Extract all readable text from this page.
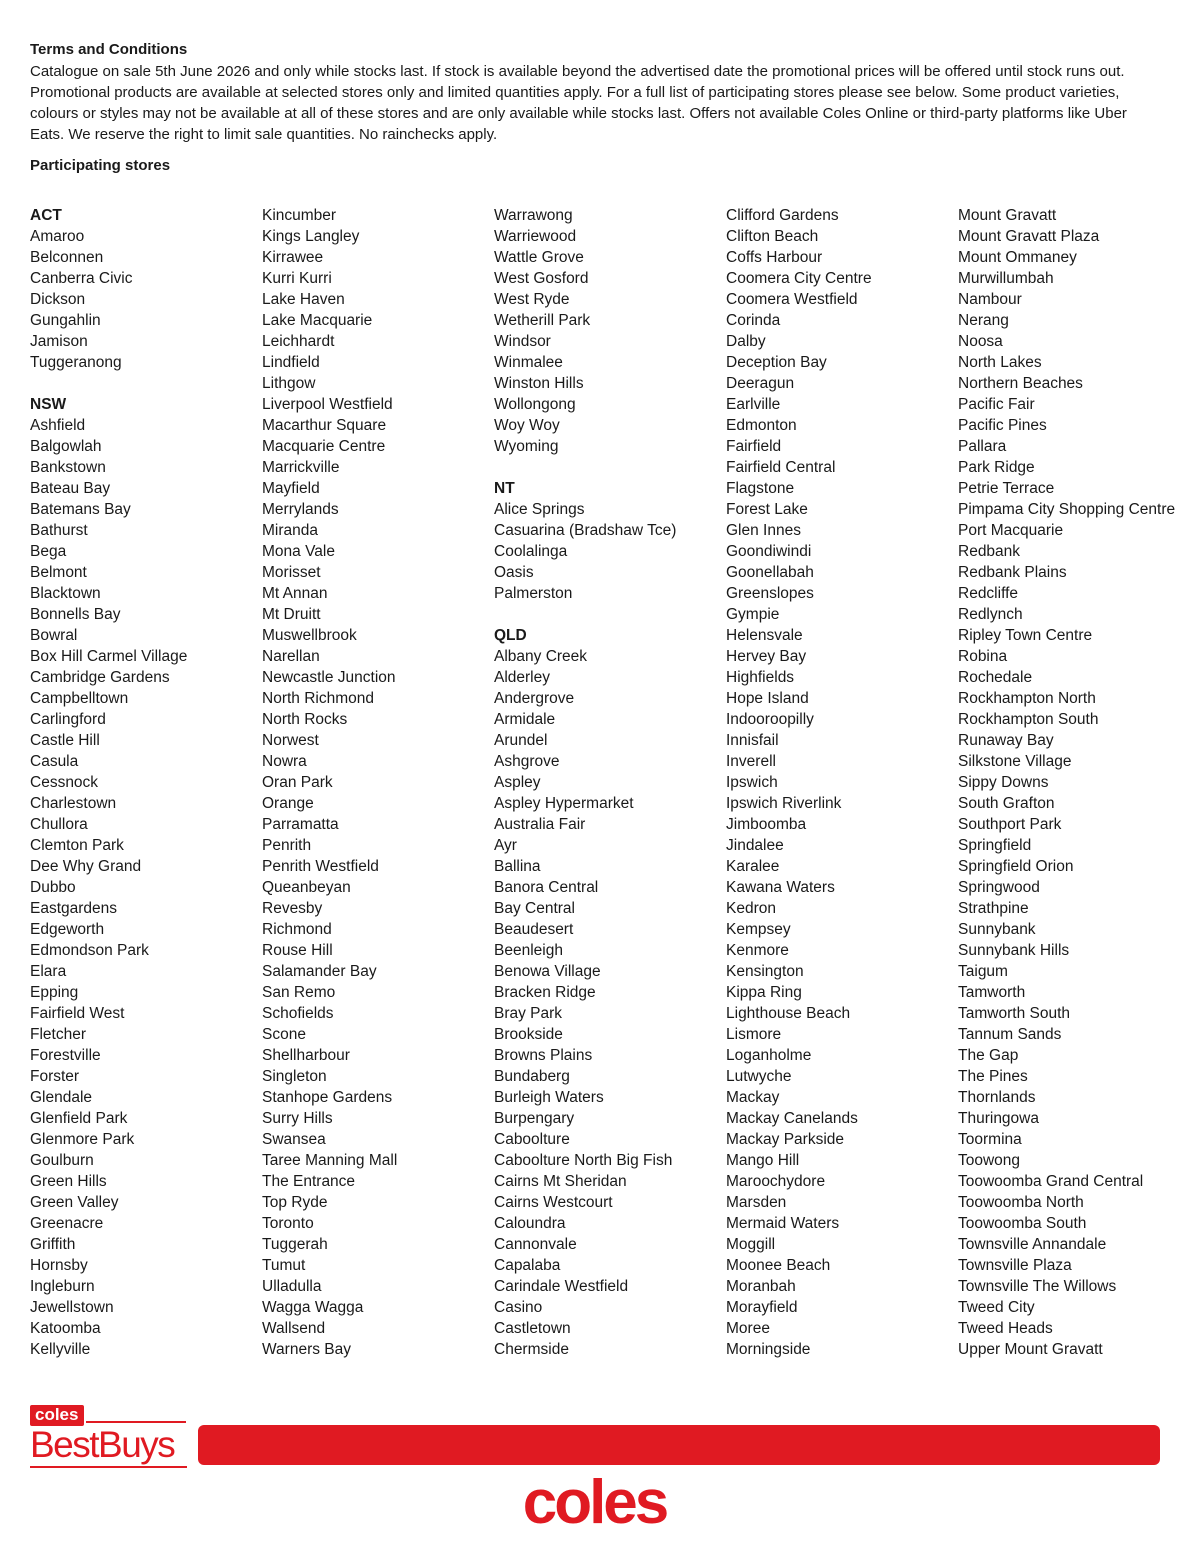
Terms and Conditions

Catalogue on sale 5th June 2026 and only while stocks last. If stock is available beyond the advertised date the promotional prices will be offered until stock runs out. Promotional products are available at selected stores only and limited quantities apply. For a full list of participating stores please see below. Some product varieties, colours or styles may not be available at all of these stores and are only available while stocks last. Offers not available Coles Online or third-party platforms like Uber Eats. We reserve the right to limit sale quantities. No rainchecks apply.

Participating stores
ACT
Amaroo
Belconnen
Canberra Civic
Dickson
Gungahlin
Jamison
Tuggeranong
NSW
Ashfield
Balgowlah
Bankstown
Bateau Bay
Batemans Bay
Bathurst
Bega
Belmont
Blacktown
Bonnells Bay
Bowral
Box Hill Carmel Village
Cambridge Gardens
Campbelltown
Carlingford
Castle Hill
Casula
Cessnock
Charlestown
Chullora
Clemton Park
Dee Why Grand
Dubbo
Eastgardens
Edgeworth
Edmondson Park
Elara
Epping
Fairfield West
Fletcher
Forestville
Forster
Glendale
Glenfield Park
Glenmore Park
Goulburn
Green Hills
Green Valley
Greenacre
Griffith
Hornsby
Ingleburn
Jewellstown
Katoomba
Kellyville
Kincumber
Kings Langley
Kirrawee
Kurri Kurri
Lake Haven
Lake Macquarie
Leichhardt
Lindfield
Lithgow
Liverpool Westfield
Macarthur Square
Macquarie Centre
Marrickville
Mayfield
Merrylands
Miranda
Mona Vale
Morisset
Mt Annan
Mt Druitt
Muswellbrook
Narellan
Newcastle Junction
North Richmond
North Rocks
Norwest
Nowra
Oran Park
Orange
Parramatta
Penrith
Penrith Westfield
Queanbeyan
Revesby
Richmond
Rouse Hill
Salamander Bay
San Remo
Schofields
Scone
Shellharbour
Singleton
Stanhope Gardens
Surry Hills
Swansea
Taree Manning Mall
The Entrance
Top Ryde
Toronto
Tuggerah
Tumut
Ulladulla
Wagga Wagga
Wallsend
Warners Bay
Warrawong
Warriewood
Wattle Grove
West Gosford
West Ryde
Wetherill Park
Windsor
Winmalee
Winston Hills
Wollongong
Woy Woy
Wyoming
NT
Alice Springs
Casuarina (Bradshaw Tce)
Coolalinga
Oasis
Palmerston
QLD
Albany Creek
Alderley
Andergrove
Armidale
Arundel
Ashgrove
Aspley
Aspley Hypermarket
Australia Fair
Ayr
Ballina
Banora Central
Bay Central
Beaudesert
Beenleigh
Benowa Village
Bracken Ridge
Bray Park
Brookside
Browns Plains
Bundaberg
Burleigh Waters
Burpengary
Caboolture
Caboolture North Big Fish
Cairns Mt Sheridan
Cairns Westcourt
Caloundra
Cannonvale
Capalaba
Carindale Westfield
Casino
Castletown
Chermside
Clifford Gardens
Clifton Beach
Coffs Harbour
Coomera City Centre
Coomera Westfield
Corinda
Dalby
Deception Bay
Deeragun
Earlville
Edmonton
Fairfield
Fairfield Central
Flagstone
Forest Lake
Glen Innes
Goondiwindi
Goonellabah
Greenslopes
Gympie
Helensvale
Hervey Bay
Highfields
Hope Island
Indooroopilly
Innisfail
Inverell
Ipswich
Ipswich Riverlink
Jimboomba
Jindalee
Karalee
Kawana Waters
Kedron
Kempsey
Kenmore
Kensington
Kippa Ring
Lighthouse Beach
Lismore
Loganholme
Lutwyche
Mackay
Mackay Canelands
Mackay Parkside
Mango Hill
Maroochydore
Marsden
Mermaid Waters
Moggill
Moonee Beach
Moranbah
Morayfield
Moree
Morningside
Mount Gravatt
Mount Gravatt Plaza
Mount Ommaney
Murwillumbah
Nambour
Nerang
Noosa
North Lakes
Northern Beaches
Pacific Fair
Pacific Pines
Pallara
Park Ridge
Petrie Terrace
Pimpama City Shopping Centre
Port Macquarie
Redbank
Redbank Plains
Redcliffe
Redlynch
Ripley Town Centre
Robina
Rochedale
Rockhampton North
Rockhampton South
Runaway Bay
Silkstone Village
Sippy Downs
South Grafton
Southport Park
Springfield
Springfield Orion
Springwood
Strathpine
Sunnybank
Sunnybank Hills
Taigum
Tamworth
Tamworth South
Tannum Sands
The Gap
The Pines
Thornlands
Thuringowa
Toormina
Toowong
Toowoomba Grand Central
Toowoomba North
Toowoomba South
Townsville Annandale
Townsville Plaza
Townsville The Willows
Tweed City
Tweed Heads
Upper Mount Gravatt
coles
BestBuys
coles
